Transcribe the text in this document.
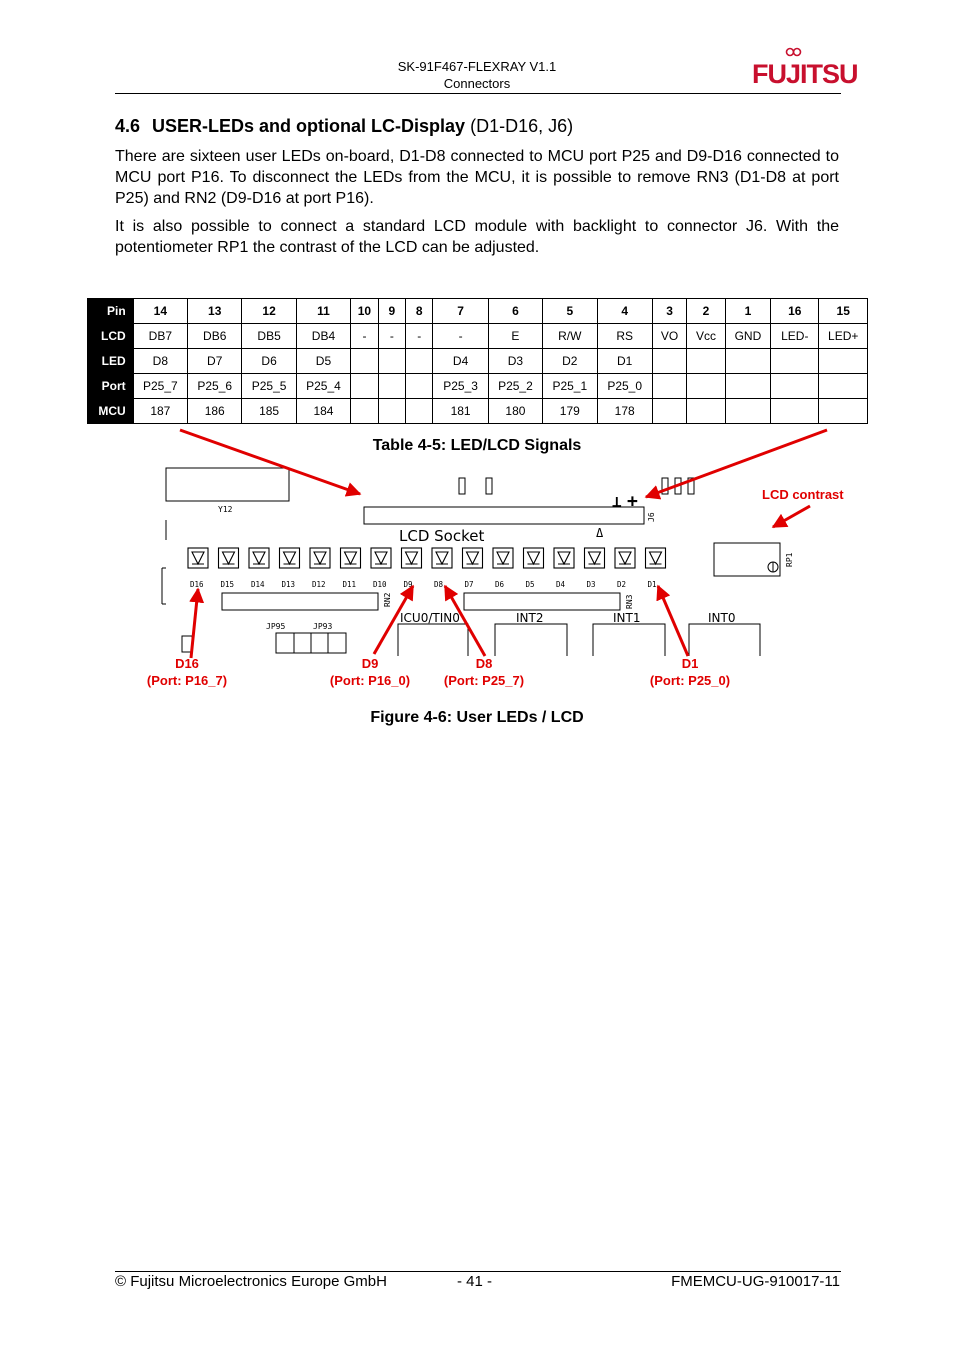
SK-91F467-FLEXRAY V1.1
Connectors	FUJITSU
4.6 USER-LEDs and optional LC-Display (D1-D16, J6)

There are sixteen user LEDs on-board, D1-D8 connected to MCU port P25 and D9-D16 connected to MCU port P16. To disconnect the LEDs from the MCU, it is possible to remove RN3 (D1-D8 at port P25) and RN2 (D9-D16 at port P16).

It is also possible to connect a standard LCD module with backlight to connector J6. With the potentiometer RP1 the contrast of the LCD can be adjusted.

Pin	14	13	12	11	10	9	8	7	6	5	4	3	2	1	16	15
LCD	DB7	DB6	DB5	DB4	-	-	-	-	E	R/W	RS	VO	Vcc	GND	LED-	LED+
LED	D8	D7	D6	D5				D4	D3	D2	D1					
Port	P25_7	P25_6	P25_5	P25_4				P25_3	P25_2	P25_1	P25_0					
MCU	187	186	185	184				181	180	179	178					
Table 4-5: LED/LCD Signals
Y12
LCD Socket	Δ
⊥ +
J6
RP1
RN2	RN3
JP95	JP93
ICU0/TIN0	INT2	INT1	INT0
D16 D15 D14 D13 D12 D11 D10 D9	D8	D7	D6	D5	D4	D3	D2	D1
LCD contrast
D16
(Port: P16_7)
D9
(Port: P16_0)
D8
(Port: P25_7)
D1
(Port: P25_0)
Figure 4-6: User LEDs / LCD
© Fujitsu Microelectronics Europe GmbH	- 41 -	FMEMCU-UG-910017-11
